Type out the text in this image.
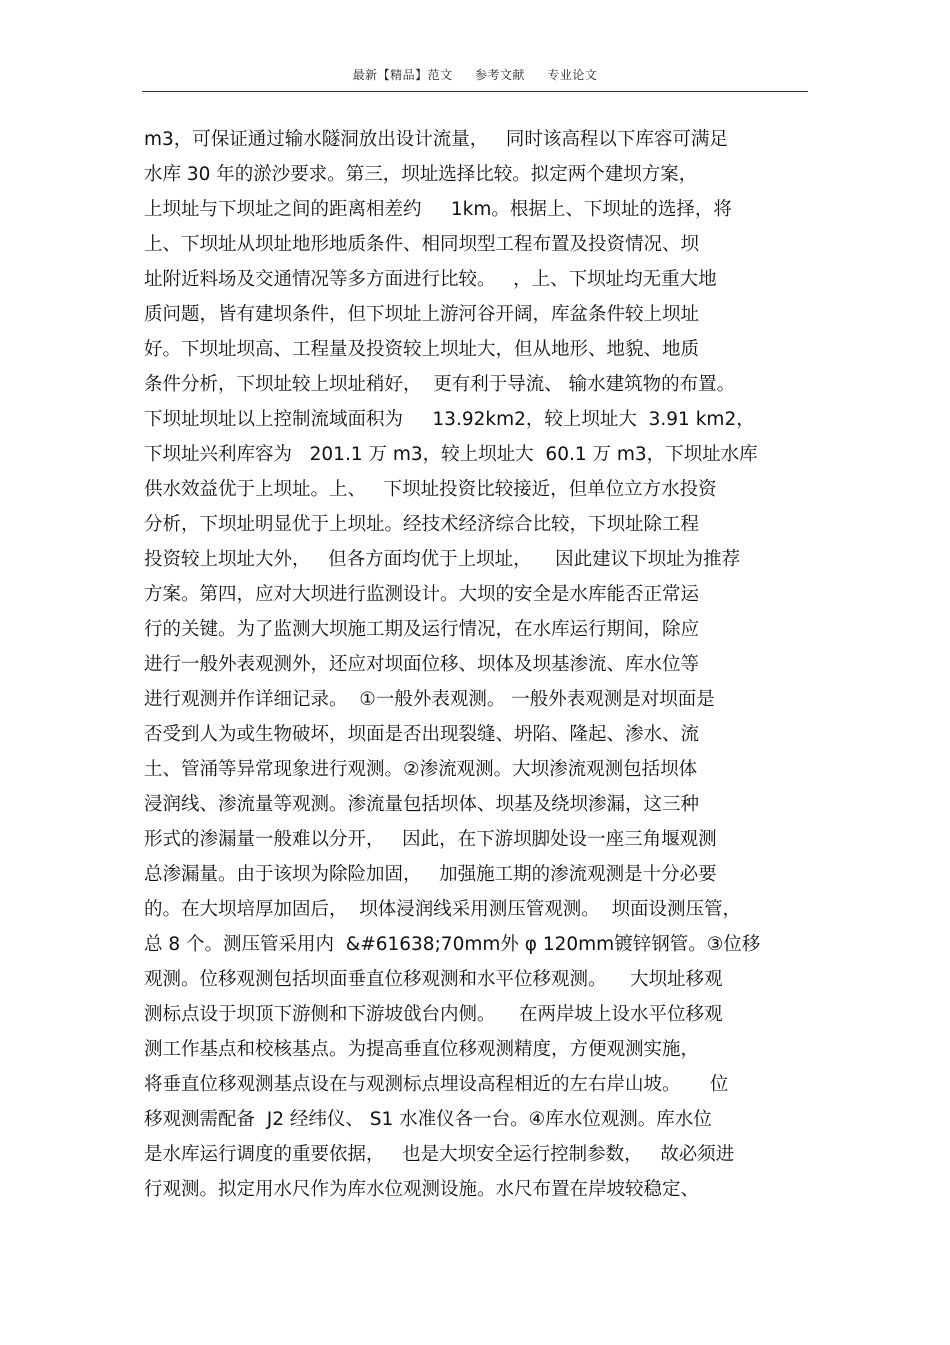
最新【精品】范文 参考文献 专业论文
m3，可保证通过输水隧洞放出设计流量，   同时该高程以下库容可满足
水库 30 年的淤沙要求。第三，坝址选择比较。拟定两个建坝方案，
上坝址与下坝址之间的距离相差约     1km。根据上、下坝址的选择，将
上、下坝址从坝址地形地质条件、相同坝型工程布置及投资情况、坝
址附近料场及交通情况等多方面进行比较。   ，上、下坝址均无重大地
质问题，皆有建坝条件，但下坝址上游河谷开阔，库盆条件较上坝址
好。下坝址坝高、工程量及投资较上坝址大，但从地形、地貌、地质
条件分析，下坝址较上坝址稍好，  更有利于导流、 输水建筑物的布置。
下坝址坝址以上控制流域面积为     13.92km2，较上坝址大  3.91 km2，
下坝址兴利库容为   201.1 万 m3，较上坝址大  60.1 万 m3，下坝址水库
供水效益优于上坝址。上、   下坝址投资比较接近，但单位立方水投资
分析，下坝址明显优于上坝址。经技术经济综合比较，下坝址除工程
投资较上坝址大外，   但各方面均优于上坝址，    因此建议下坝址为推荐
方案。第四，应对大坝进行监测设计。大坝的安全是水库能否正常运
行的关键。为了监测大坝施工期及运行情况，在水库运行期间，除应
进行一般外表观测外，还应对坝面位移、坝体及坝基渗流、库水位等
进行观测并作详细记录。  ①一般外表观测。 一般外表观测是对坝面是
否受到人为或生物破坏，坝面是否出现裂缝、坍陷、隆起、渗水、流
土、管涌等异常现象进行观测。②渗流观测。大坝渗流观测包括坝体
浸润线、渗流量等观测。渗流量包括坝体、坝基及绕坝渗漏，这三种
形式的渗漏量一般难以分开，   因此，在下游坝脚处设一座三角堰观测
总渗漏量。由于该坝为除险加固，   加强施工期的渗流观测是十分必要
的。在大坝培厚加固后，  坝体浸润线采用测压管观测。  坝面设测压管，
总 8 个。测压管采用内  &#61638;70mm外 φ 120mm镀锌钢管。③位移
观测。位移观测包括坝面垂直位移观测和水平位移观测。    大坝址移观
测标点设于坝顶下游侧和下游坡戗台内侧。    在两岸坡上设水平位移观
测工作基点和校核基点。为提高垂直位移观测精度，方便观测实施，
将垂直位移观测基点设在与观测标点埋设高程相近的左右岸山坡。     位
移观测需配备  J2 经纬仪、 S1 水准仪各一台。④库水位观测。库水位
是水库运行调度的重要依据，   也是大坝安全运行控制参数，   故必须进
行观测。拟定用水尺作为库水位观测设施。水尺布置在岸坡较稳定、
